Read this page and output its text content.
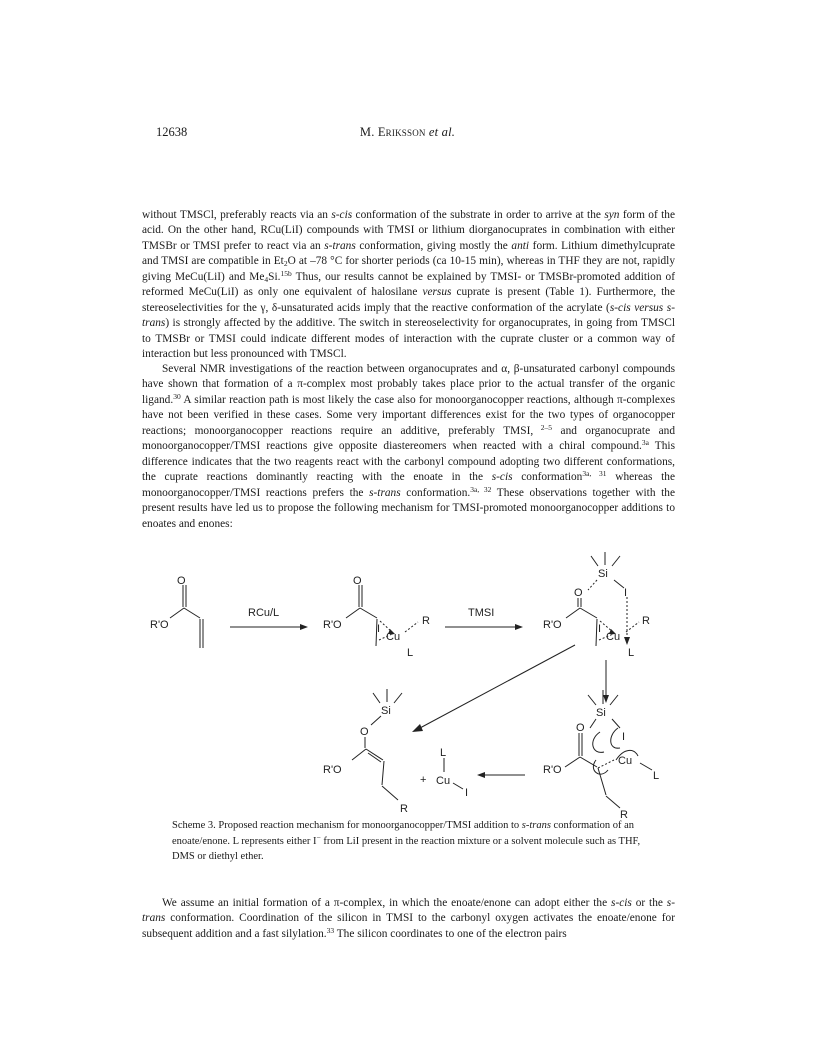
12638	M. Eriksson et al.

without TMSCl, preferably reacts via an s-cis conformation of the substrate in order to arrive at the syn form of the acid. On the other hand, RCu(LiI) compounds with TMSI or lithium diorganocuprates in combination with either TMSBr or TMSI prefer to react via an s-trans conformation, giving mostly the anti form. Lithium dimethylcuprate and TMSI are compatible in $Et_2O$ at –78 °C for shorter periods (ca 10-15 min), whereas in THF they are not, rapidly giving MeCu(LiI) and $Me_4Si.^{15b}$ Thus, our results cannot be explained by TMSI- or TMSBr-promoted addition of reformed MeCu(LiI) as only one equivalent of halosilane versus cuprate is present (Table 1). Furthermore, the stereoselectivities for the γ, δ-unsaturated acids imply that the reactive conformation of the acrylate (s-cis versus s-trans) is strongly affected by the additive. The switch in stereoselectivity for organocuprates, in going from TMSCl to TMSBr or TMSI could indicate different modes of interaction with the cuprate cluster or a common way of interaction but less pronounced with TMSCl.

Several NMR investigations of the reaction between organocuprates and α, β-unsaturated carbonyl compounds have shown that formation of a π-complex most probably takes place prior to the actual transfer of the organic ligand.$^{30}$ A similar reaction path is most likely the case also for monoorganocopper reactions, although π-complexes have not been verified in these cases. Some very important differences exist for the two types of organocopper reactions; monoorganocopper reactions require an additive, preferably TMSI, $^{2-5}$ and organocuprate and monoorganocopper/TMSI reactions give opposite diastereomers when reacted with a chiral compound.$^{3a}$ This difference indicates that the two reagents react with the carbonyl compound adopting two different conformations, the cuprate reactions dominantly reacting with the enoate in the s-cis conformation$^{3a, 31}$ whereas the monoorganocopper/TMSI reactions prefers the s-trans conformation.$^{3a, 32}$ These observations together with the present results have led us to propose the following mechanism for TMSI-promoted monoorganocopper additions to enoates and enones:

O
R'O
RCu/L
O
R'O
Cu
I
L
R
TMSI
Si
O	I
R'O
Cu
I
R
L
Si
O
R'O
R
+
L
Cu
I
Si
O
I
R'O
Cu
L
R
Scheme 3. Proposed reaction mechanism for monoorganocopper/TMSI addition to s-trans conformation of an enoate/enone. L represents either I− from LiI present in the reaction mixture or a solvent molecule such as THF, DMS or diethyl ether.

We assume an initial formation of a π-complex, in which the enoate/enone can adopt either the s-cis or the s-trans conformation. Coordination of the silicon in TMSI to the carbonyl oxygen activates the enoate/enone for subsequent addition and a fast silylation.$^{33}$ The silicon coordinates to one of the electron pairs
